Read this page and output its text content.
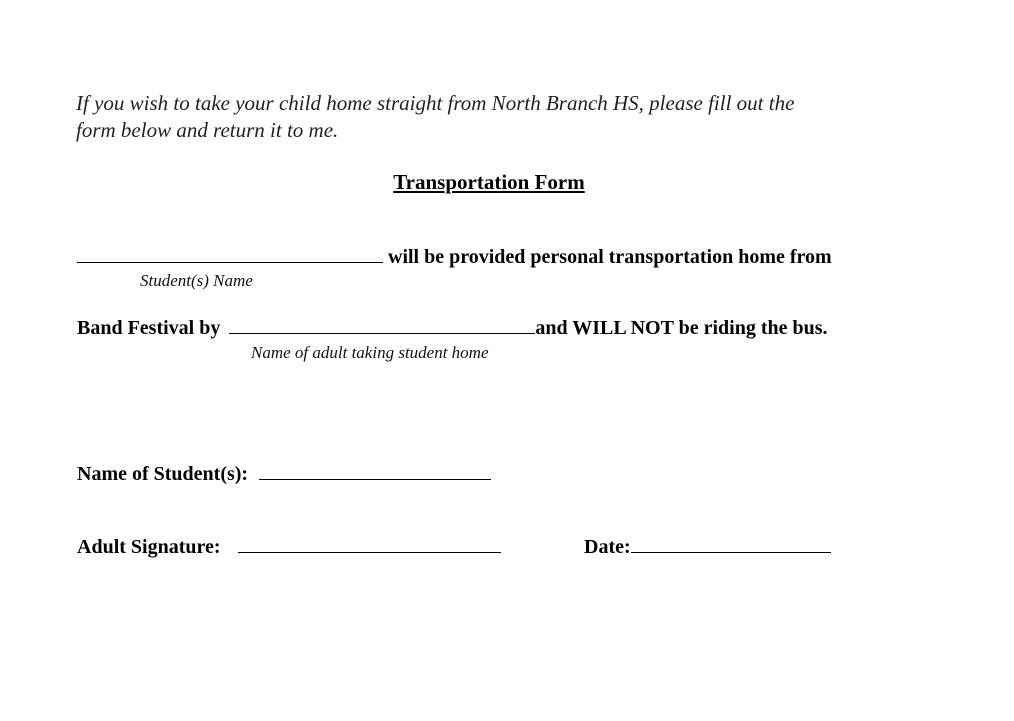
If you wish to take your child home straight from North Branch HS, please fill out the
form below and return it to me.
Transportation Form
will be provided personal transportation home from
Student(s) Name
Band Festival by	and WILL NOT be riding the bus.
Name of adult taking student home
Name of Student(s):
Adult Signature:	Date:
